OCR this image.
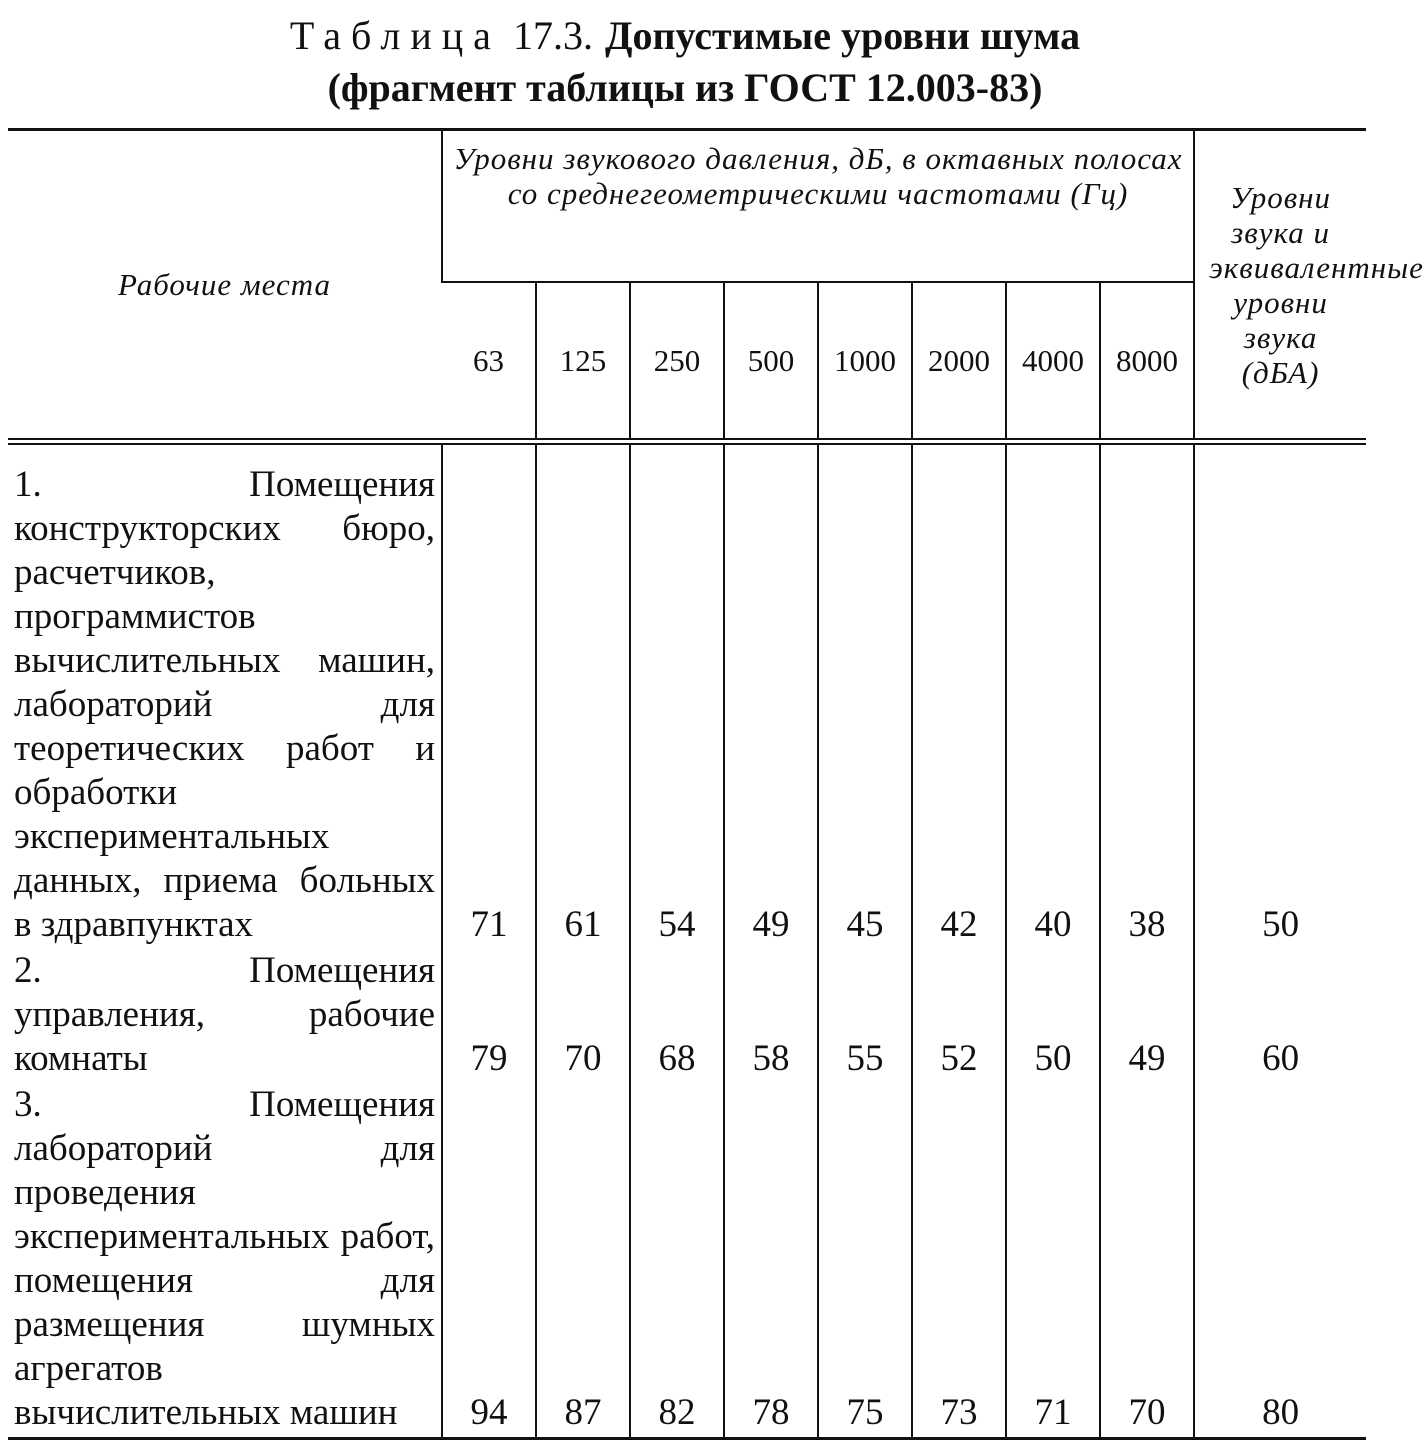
Таблица 17.3. Допустимые уровни шума
(фрагмент таблицы из ГОСТ 12.003-83)
Рабочие места	Уровни звукового давления, дБ, в октавных полосах со среднегеометрическими частотами (Гц)								Уровни звука и эквивалентные уровни звука (дБА)
	63	125	250	500	1000	2000	4000	8000	
1. Помещения конструкторских бюро, расчетчиков, программистов вычислительных машин, лабораторий для теоретических работ и обработки экспериментальных данных, приема больных в здравпунктах	71	61	54	49	45	42	40	38	50
2. Помещения управления, рабочие комнаты	79	70	68	58	55	52	50	49	60
3. Помещения лабораторий для проведения экспериментальных работ, помещения для размещения шумных агрегатов вычислительных машин	94	87	82	78	75	73	71	70	80
